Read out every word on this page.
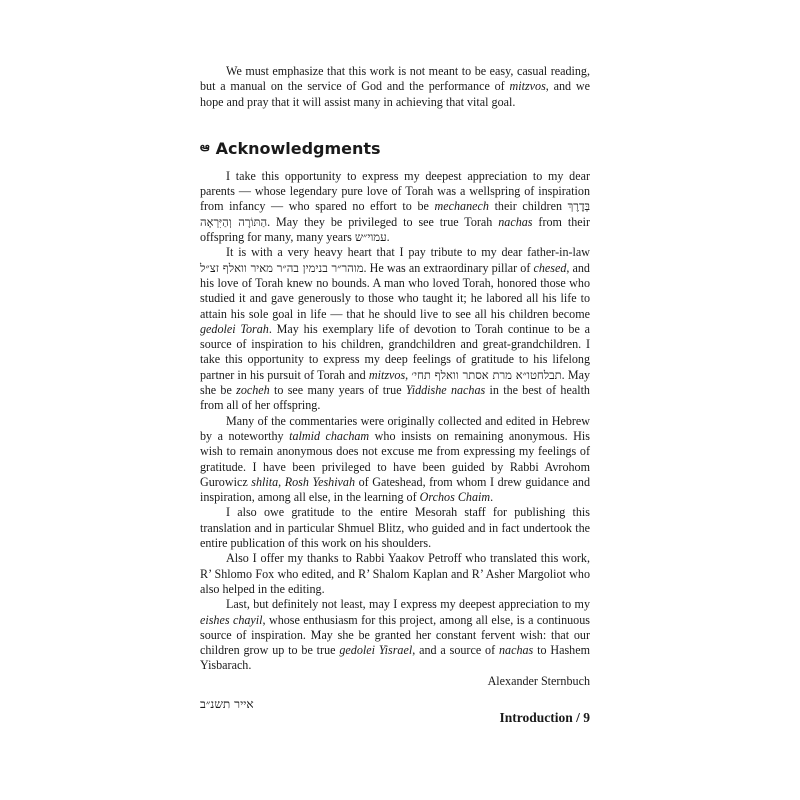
We must emphasize that this work is not meant to be easy, casual reading, but a manual on the service of God and the performance of mitzvos, and we hope and pray that it will assist many in achieving that vital goal.

ఆ Acknowledgments

I take this opportunity to express my deepest appreciation to my dear parents — whose legendary pure love of Torah was a wellspring of inspiration from infancy — who spared no effort to be mechanech their children בְּדֶרֶךְ הַתּוֹרָה וְהַיִּרְאָה. May they be privileged to see true Torah nachas from their offspring for many, many years עמוי״ש.

It is with a very heavy heart that I pay tribute to my dear father-in-law מוהר״ר בנימין בה״ר מאיר וואלף זצ״ל. He was an extraordinary pillar of chesed, and his love of Torah knew no bounds. A man who loved Torah, honored those who studied it and gave generously to those who taught it; he labored all his life to attain his sole goal in life — that he should live to see all his children become gedolei Torah. May his exemplary life of devotion to Torah continue to be a source of inspiration to his children, grandchildren and great-grandchildren. I take this opportunity to express my deep feelings of gratitude to his lifelong partner in his pursuit of Torah and mitzvos, תבלחטו״א מרת אסתר וואלף תחי׳. May she be zocheh to see many years of true Yiddishe nachas in the best of health from all of her offspring.

Many of the commentaries were originally collected and edited in Hebrew by a noteworthy talmid chacham who insists on remaining anonymous. His wish to remain anonymous does not excuse me from expressing my feelings of gratitude. I have been privileged to have been guided by Rabbi Avrohom Gurowicz shlita, Rosh Yeshivah of Gateshead, from whom I drew guidance and inspiration, among all else, in the learning of Orchos Chaim.

I also owe gratitude to the entire Mesorah staff for publishing this translation and in particular Shmuel Blitz, who guided and in fact undertook the entire publication of this work on his shoulders.

Also I offer my thanks to Rabbi Yaakov Petroff who translated this work, R’ Shlomo Fox who edited, and R’ Shalom Kaplan and R’ Asher Margoliot who also helped in the editing.

Last, but definitely not least, may I express my deepest appreciation to my eishes chayil, whose enthusiasm for this project, among all else, is a continuous source of inspiration. May she be granted her constant fervent wish: that our children grow up to be true gedolei Yisrael, and a source of nachas to Hashem Yisbarach.

Alexander Sternbuch

אייר תשנ״ב

Introduction / 9
